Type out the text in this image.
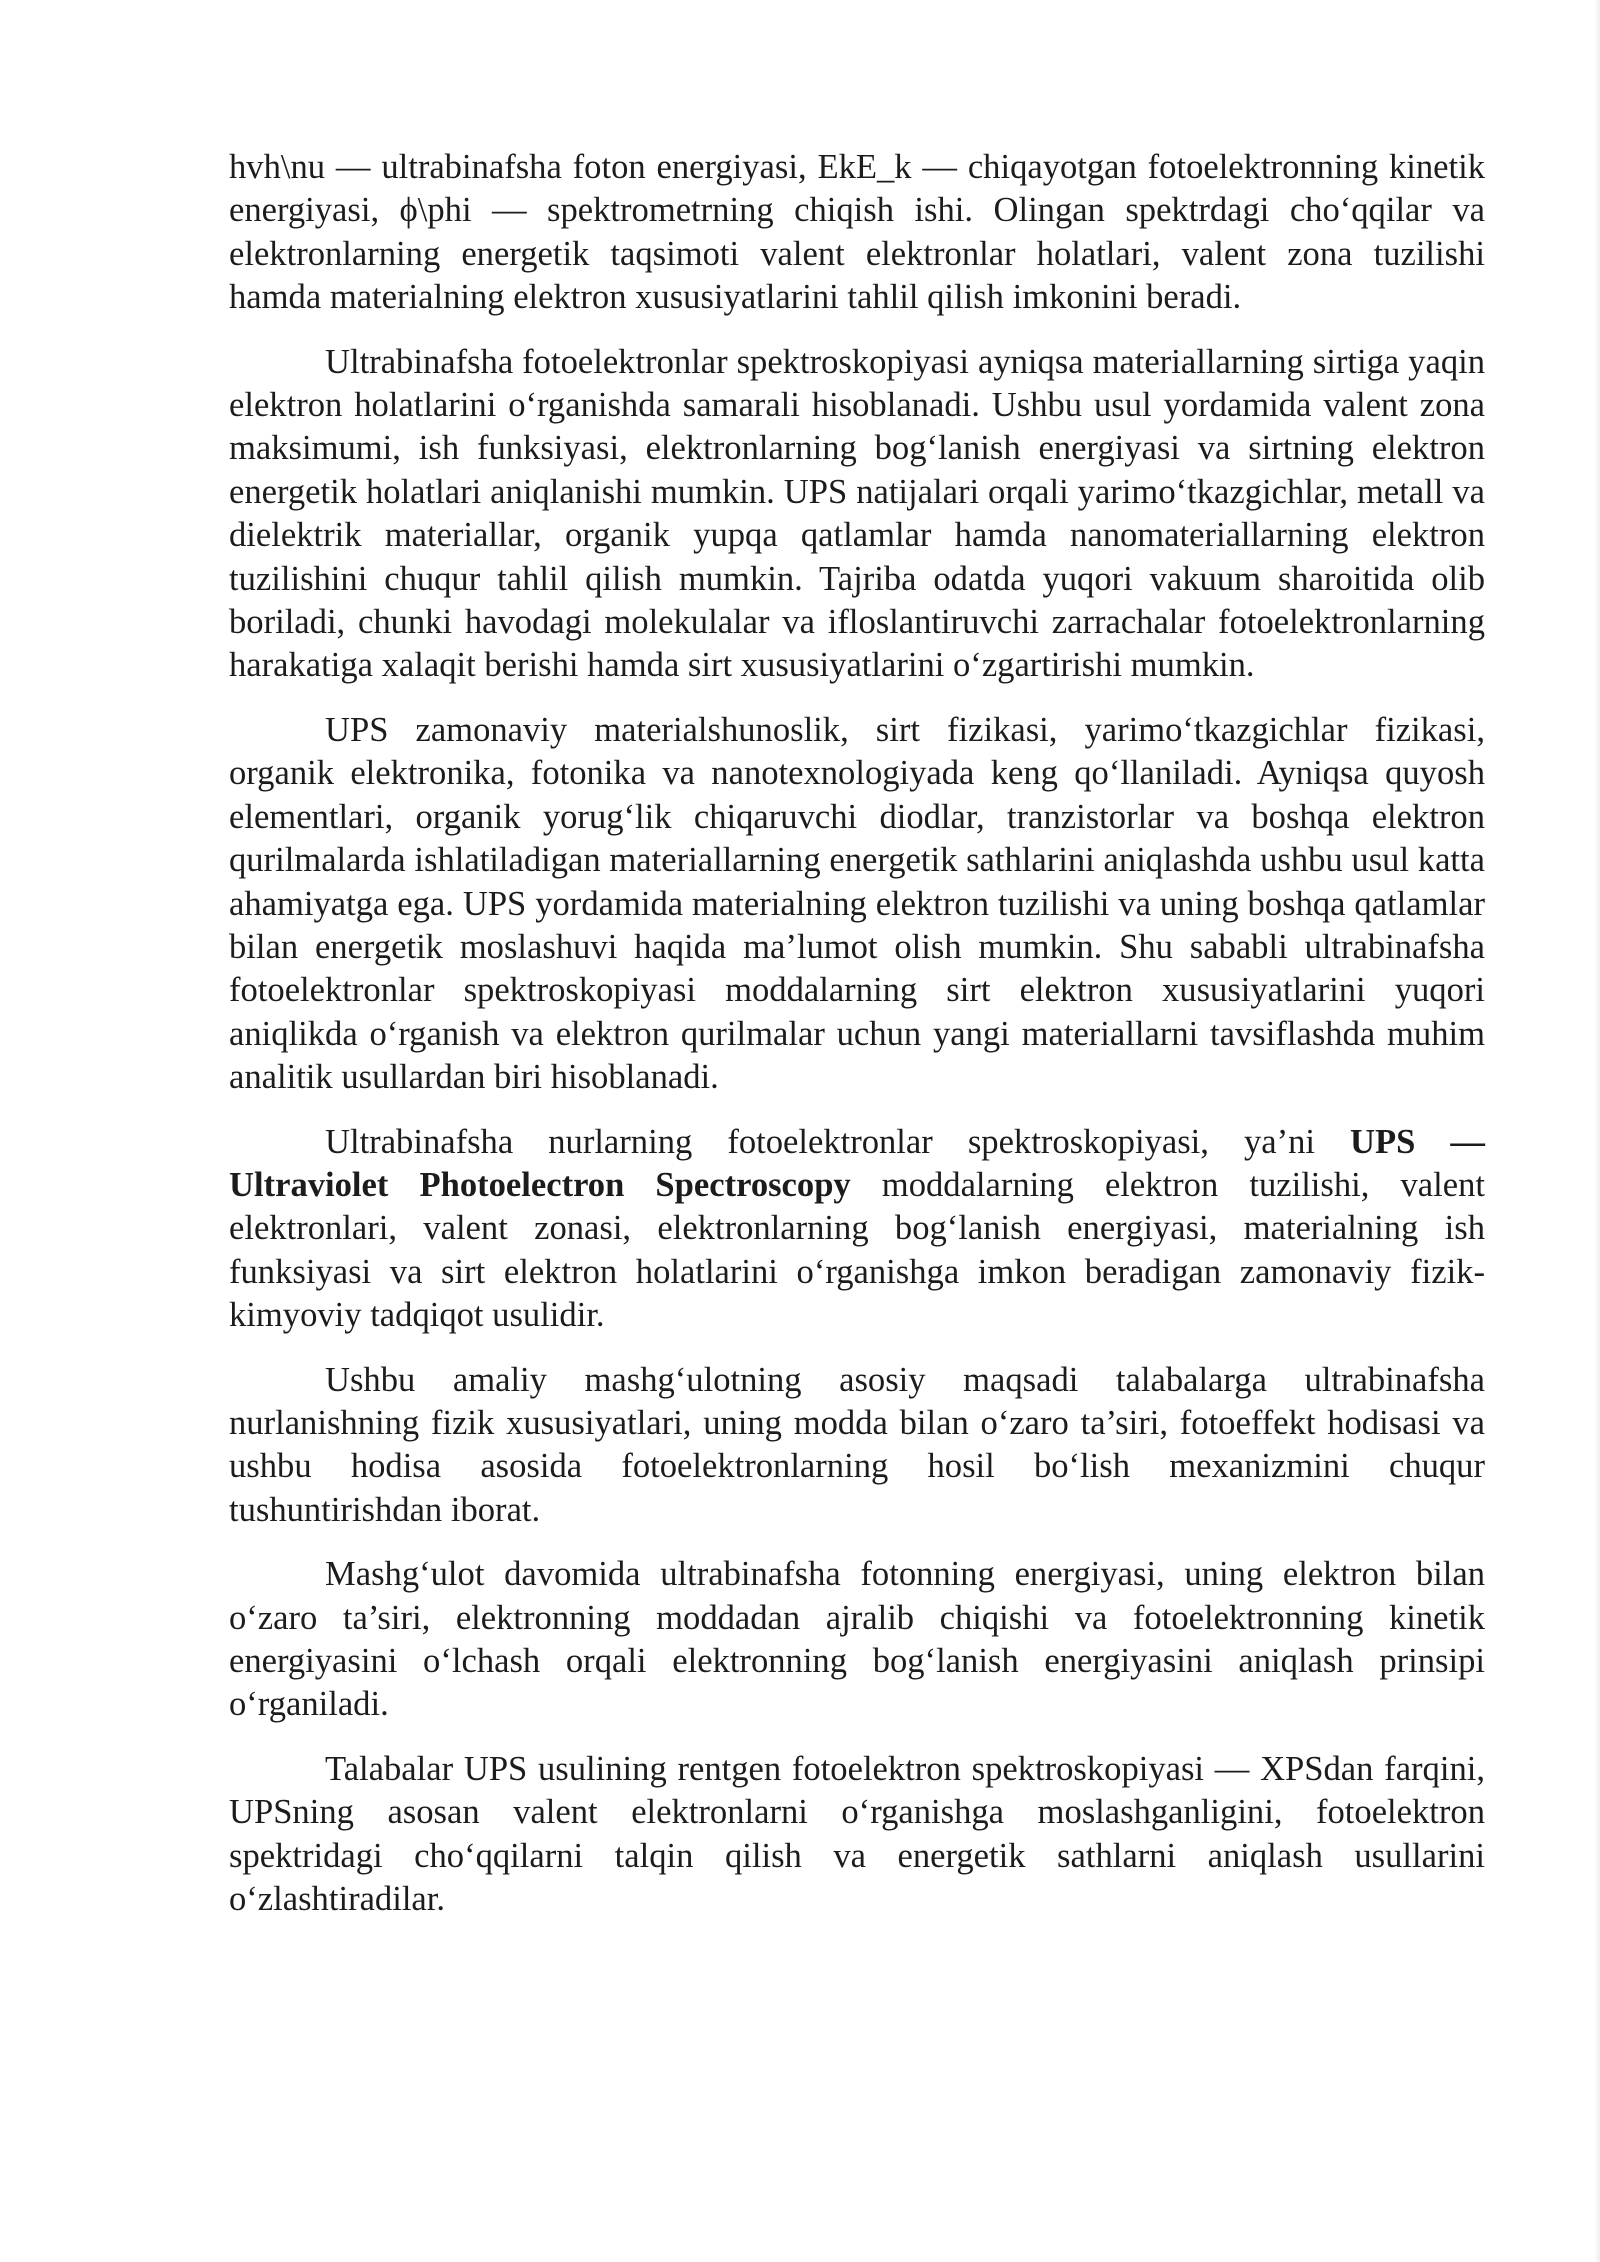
hvh\nu — ultrabinafsha foton energiyasi, EkE_k — chiqayotgan fotoelektronning kinetik energiyasi, ϕ\phi — spektrometrning chiqish ishi. Olingan spektrdagi cho‘qqilar va elektronlarning energetik taqsimoti valent elektronlar holatlari, valent zona tuzilishi hamda materialning elektron xususiyatlarini tahlil qilish imkonini beradi.

Ultrabinafsha fotoelektronlar spektroskopiyasi ayniqsa materiallarning sirtiga yaqin elektron holatlarini o‘rganishda samarali hisoblanadi. Ushbu usul yordamida valent zona maksimumi, ish funksiyasi, elektronlarning bog‘lanish energiyasi va sirtning elektron energetik holatlari aniqlanishi mumkin. UPS natijalari orqali yarimo‘tkazgichlar, metall va dielektrik materiallar, organik yupqa qatlamlar hamda nanomateriallarning elektron tuzilishini chuqur tahlil qilish mumkin. Tajriba odatda yuqori vakuum sharoitida olib boriladi, chunki havodagi molekulalar va ifloslantiruvchi zarrachalar fotoelektronlarning harakatiga xalaqit berishi hamda sirt xususiyatlarini o‘zgartirishi mumkin.

UPS zamonaviy materialshunoslik, sirt fizikasi, yarimo‘tkazgichlar fizikasi, organik elektronika, fotonika va nanotexnologiyada keng qo‘llaniladi. Ayniqsa quyosh elementlari, organik yorug‘lik chiqaruvchi diodlar, tranzistorlar va boshqa elektron qurilmalarda ishlatiladigan materiallarning energetik sathlarini aniqlashda ushbu usul katta ahamiyatga ega. UPS yordamida materialning elektron tuzilishi va uning boshqa qatlamlar bilan energetik moslashuvi haqida ma’lumot olish mumkin. Shu sababli ultrabinafsha fotoelektronlar spektroskopiyasi moddalarning sirt elektron xususiyatlarini yuqori aniqlikda o‘rganish va elektron qurilmalar uchun yangi materiallarni tavsiflashda muhim analitik usullardan biri hisoblanadi.

Ultrabinafsha nurlarning fotoelektronlar spektroskopiyasi, ya’ni UPS — Ultraviolet Photoelectron Spectroscopy moddalarning elektron tuzilishi, valent elektronlari, valent zonasi, elektronlarning bog‘lanish energiyasi, materialning ish funksiyasi va sirt elektron holatlarini o‘rganishga imkon beradigan zamonaviy fizik-kimyoviy tadqiqot usulidir.

Ushbu amaliy mashg‘ulotning asosiy maqsadi talabalarga ultrabinafsha nurlanishning fizik xususiyatlari, uning modda bilan o‘zaro ta’siri, fotoeffekt hodisasi va ushbu hodisa asosida fotoelektronlarning hosil bo‘lish mexanizmini chuqur tushuntirishdan iborat.

Mashg‘ulot davomida ultrabinafsha fotonning energiyasi, uning elektron bilan o‘zaro ta’siri, elektronning moddadan ajralib chiqishi va fotoelektronning kinetik energiyasini o‘lchash orqali elektronning bog‘lanish energiyasini aniqlash prinsipi o‘rganiladi.

Talabalar UPS usulining rentgen fotoelektron spektroskopiyasi — XPSdan farqini, UPSning asosan valent elektronlarni o‘rganishga moslashganligini, fotoelektron spektridagi cho‘qqilarni talqin qilish va energetik sathlarni aniqlash usullarini o‘zlashtiradilar.
